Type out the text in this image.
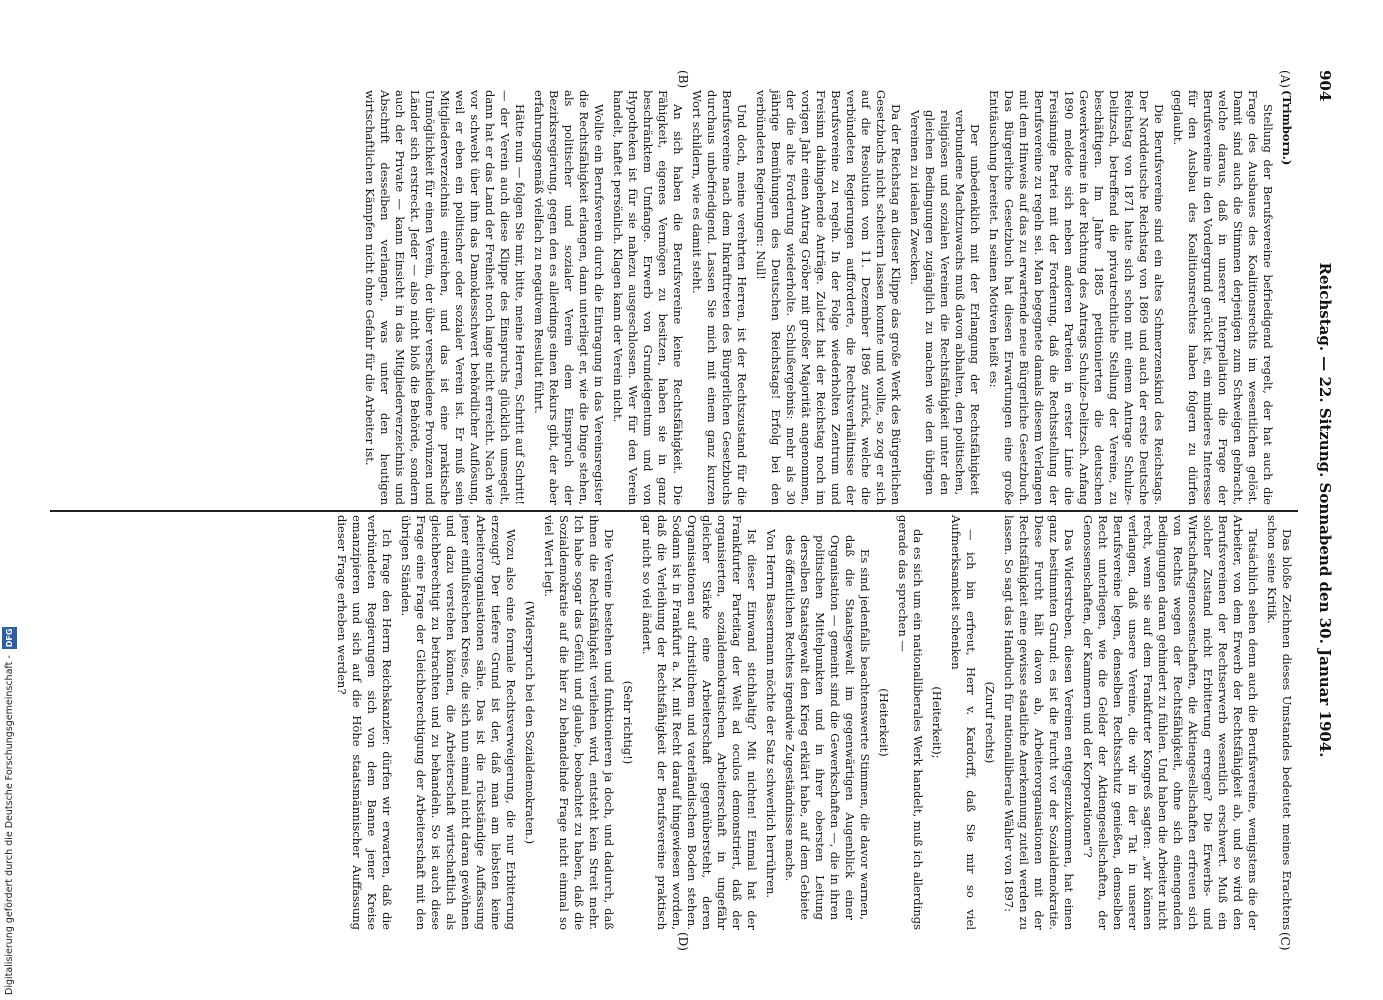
904
Reichstag. — 22. Sitzung. Sonnabend den 30. Januar 1904.
(A)
(B)
(C)
(D)

(Trimborn.)

Stellung der Berufsvereine befriedigend regelt, der hat auch die Frage des Ausbaues des Koalitionsrechts im wesentlichen gelöst. Damit sind auch die Stimmen derjenigen zum Schweigen gebracht, welche daraus, daß in unserer Interpellation die Frage der Berufsvereine in den Vordergrund gerückt ist, ein minderes Interesse für den Ausbau des Koalitionsrechtes haben folgern zu dürfen geglaubt.

Die Berufsvereine sind ein altes Schmerzenskind des Reichstags. Der Norddeutsche Reichstag von 1869 und auch der erste Deutsche Reichstag von 1871 hatte sich schon mit einem Antrage Schulze-Delitzsch, betreffend die privatrechtliche Stellung der Vereine, zu beschäftigen. Im Jahre 1885 petitionierten die deutschen Gewerkvereine in der Richtung des Antrags Schulze-Delitzsch. Anfang 1890 meldete sich neben anderen Parteien in erster Linie die Freisinnige Partei mit der Forderung, daß die Rechtsstellung der Berufsvereine zu regeln sei. Man begegnete damals diesem Verlangen mit dem Hinweis auf das zu erwartende neue Bürgerliche Gesetzbuch. Das Bürgerliche Gesetzbuch hat diesen Erwartungen eine große Enttäuschung bereitet. In seinen Motiven heißt es:

Der unbedenklich mit der Erlangung der Rechtsfähigkeit verbundene Machtzuwachs muß davon abhalten, den politischen, religiösen und sozialen Vereinen die Rechtsfähigkeit unter den gleichen Bedingungen zugänglich zu machen wie den übrigen Vereinen zu idealen Zwecken.

Da der Reichstag an dieser Klippe das große Werk des Bürgerlichen Gesetzbuchs nicht scheitern lassen konnte und wollte, so zog er sich auf die Resolution vom 11. Dezember 1896 zurück, welche die verbündeten Regierungen aufforderte, die Rechtsverhältnisse der Berufsvereine zu regeln. In der Folge wiederholten Zentrum und Freisinn dahingehende Anträge. Zuletzt hat der Reichstag noch im vorigen Jahr einen Antrag Gröber mit großer Majorität angenommen, der die alte Forderung wiederholte. Schlußergebnis: mehr als 30 jährige Bemühungen des Deutschen Reichstags! Erfolg bei den verbündeten Regierungen: Null!

Und doch, meine verehrten Herren, ist der Rechtszustand für die Berufsvereine nach dem Inkrafttreten des Bürgerlichen Gesetzbuchs durchaus unbefriedigend. Lassen Sie mich mit einem ganz kurzen Wort schildern, wie es damit steht.

An sich haben die Berufsvereine keine Rechtsfähigkeit. Die Fähigkeit, eigenes Vermögen zu besitzen, haben sie in ganz beschränktem Umfange. Erwerb von Grundeigentum und von Hypotheken ist für sie nahezu ausgeschlossen. Wer für den Verein handelt, haftet persönlich. Klagen kann der Verein nicht.

Wollte ein Berufsverein durch die Eintragung in das Vereinsregister die Rechtsfähigkeit erlangen, dann unterliegt er, wie die Dinge stehen, als politischer und sozialer Verein dem Einspruch der Bezirksregierung, gegen den es allerdings einen Rekurs gibt, der aber erfahrungsgemäß vielfach zu negativem Resultat führt.

Hätte nun — folgen Sie mir, bitte, meine Herren, Schritt auf Schritt! — der Verein auch diese Klippe des Einspruchs glücklich umsegelt, dann hat er das Land der Freiheit noch lange nicht erreicht. Nach wie vor schwebt über ihm das Damoklesschwert behördlicher Auflösung, weil er eben ein politischer oder sozialer Verein ist. Er muß sein Mitgliederverzeichnis einreichen, und das ist eine praktische Unmöglichkeit für einen Verein, der über verschiedene Provinzen und Länder sich erstreckt. Jeder — also nicht bloß die Behörde, sondern auch der Private — kann Einsicht in das Mitgliederverzeichnis und Abschrift desselben verlangen, was unter den heutigen wirtschaftlichen Kämpfen nicht ohne Gefahr für die Arbeiter ist.

Das bloße Zeichnen dieses Umstandes bedeutet meines Erachtens schon seine Kritik.

Tatsächlich sehen denn auch die Berufsvereine, wenigstens die der Arbeiter, von dem Erwerb der Rechtsfähigkeit ab, und so wird den Berufsvereinen der Rechtserwerb wesentlich erschwert. Muß ein solcher Zustand nicht Erbitterung erregen? Die Erwerbs- und Wirtschaftsgenossenschaften, die Aktiengesellschaften erfreuen sich von Rechts wegen der Rechtsfähigkeit, ohne sich einengenden Bedingungen daran gehindert zu fühlen. Und haben die Arbeiter nicht recht, wenn sie auf dem Frankfurter Kongreß sagten: „wir können verlangen, daß unsere Vereine, die wir in der Tat in unserer Berufsvereine legen, denselben Rechtsschutz genießen, demselben Recht unterliegen, wie die Gelder der Aktiengesellschaften, der Genossenschaften, der Kammern und der Korporationen“?

Das Widerstreben, diesen Vereinen entgegenzukommen, hat einen ganz bestimmten Grund: es ist die Furcht vor der Sozialdemokratie. Diese Furcht hält davon ab, Arbeiterorganisationen mit der Rechtsfähigkeit eine gewisse staatliche Anerkennung zuteil werden zu lassen. So sagt das Handbuch für nationalliberale Wähler von 1897:

(Zuruf rechts)

— ich bin erfreut, Herr v. Kardorff, daß Sie mir so viel Aufmerksamkeit schenken

(Heiterkeit);

da es sich um ein nationalliberales Werk handelt, muß ich allerdings gerade das sprechen —

(Heiterkeit)

Es sind jedenfalls beachtenswerte Stimmen, die davor warnen, daß die Staatsgewalt im gegenwärtigen Augenblick einer Organisation — gemeint sind die Gewerkschaften —, die in ihren politischen Mittelpunkten und in ihrer obersten Leitung derselben Staatsgewalt den Krieg erklärt habe, auf dem Gebiete des öffentlichen Rechtes irgendwie Zugeständnisse mache.

Von Herrn Bassermann möchte der Satz schwerlich herrühren.

Ist dieser Einwand stichhaltig? Mit nichten! Einmal hat der Frankfurter Parteitag der Welt ad oculos demonstriert, daß der organisierten, sozialdemokratischen Arbeiterschaft in ungefähr gleicher Stärke eine Arbeiterschaft gegenübersteht, deren Organisationen auf christlichem und vaterländischem Boden stehen. Sodann ist in Frankfurt a. M. mit Recht darauf hingewiesen worden, daß die Verleihung der Rechtsfähigkeit der Berufsvereine praktisch gar nicht so viel ändert.

(Sehr richtig!)

Die Vereine bestehen und funktionieren ja doch, und dadurch, daß ihnen die Rechtsfähigkeit verliehen wird, entsteht kein Streit mehr. Ich habe sogar das Gefühl und glaube, beobachtet zu haben, daß die Sozialdemokratie auf die hier zu behandelnde Frage nicht einmal so viel Wert legt.

(Widerspruch bei den Sozialdemokraten.)

Wozu also eine formale Rechtsverweigerung, die nur Erbitterung erzeugt? Der tiefere Grund ist der, daß man am liebsten keine Arbeiterorganisationen sähe. Das ist die rückständige Auffassung jener einflußreichen Kreise, die sich nun einmal nicht daran gewöhnen und dazu verstehen können, die Arbeiterschaft wirtschaftlich als gleichberechtigt zu betrachten und zu behandeln. So ist auch diese Frage eine Frage der Gleichberechtigung der Arbeiterschaft mit den übrigen Ständen.

Ich frage den Herrn Reichskanzler: dürfen wir erwarten, daß die verbündeten Regierungen sich von dem Banne jener Kreise emanzipieren und sich auf die Höhe staatsmännischer Auffassung dieser Frage erheben werden?

Digitalisierung gefördert durch die Deutsche Forschungsgemeinschaft -DFG
